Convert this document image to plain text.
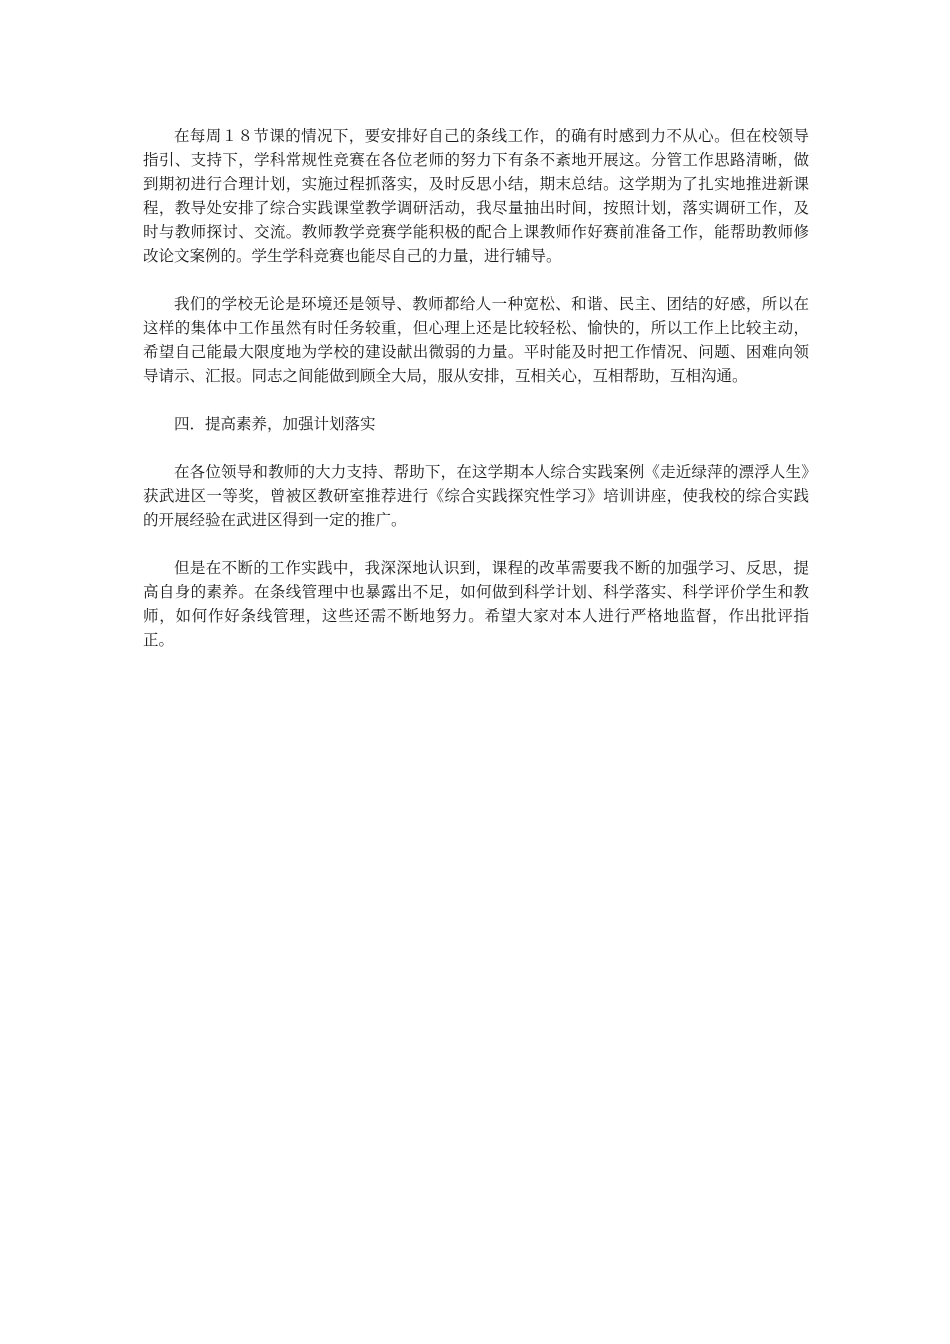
在每周１８节课的情况下，要安排好自己的条线工作，的确有时感到力不从心。但在校领导指引、支持下，学科常规性竞赛在各位老师的努力下有条不紊地开展这。分管工作思路清晰，做到期初进行合理计划，实施过程抓落实，及时反思小结，期末总结。这学期为了扎实地推进新课程，教导处安排了综合实践课堂教学调研活动，我尽量抽出时间，按照计划，落实调研工作，及时与教师探讨、交流。教师教学竞赛学能积极的配合上课教师作好赛前准备工作，能帮助教师修改论文案例的。学生学科竞赛也能尽自己的力量，进行辅导。

我们的学校无论是环境还是领导、教师都给人一种宽松、和谐、民主、团结的好感，所以在这样的集体中工作虽然有时任务较重，但心理上还是比较轻松、愉快的，所以工作上比较主动，希望自己能最大限度地为学校的建设献出微弱的力量。平时能及时把工作情况、问题、困难向领导请示、汇报。同志之间能做到顾全大局，服从安排，互相关心，互相帮助，互相沟通。

四．提高素养，加强计划落实

在各位领导和教师的大力支持、帮助下，在这学期本人综合实践案例《走近绿萍的漂浮人生》获武进区一等奖，曾被区教研室推荐进行《综合实践探究性学习》培训讲座，使我校的综合实践的开展经验在武进区得到一定的推广。

但是在不断的工作实践中，我深深地认识到，课程的改革需要我不断的加强学习、反思，提高自身的素养。在条线管理中也暴露出不足，如何做到科学计划、科学落实、科学评价学生和教师，如何作好条线管理，这些还需不断地努力。希望大家对本人进行严格地监督，作出批评指正。
